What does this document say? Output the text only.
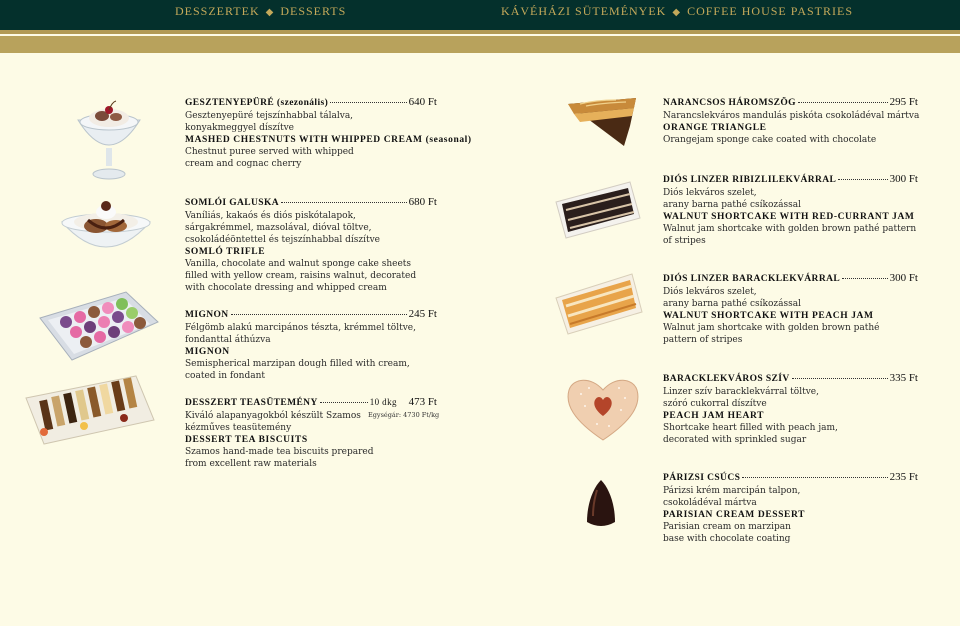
DESSZERTEK ◆ DESSERTS	KÁVÉHÁZI SÜTEMÉNYEK ◆ COFFEE HOUSE PASTRIES
GESZTENYEPÜRÉ (szezonális)	640 Ft
Gesztenyepüré tejszínhabbal tálalva,
konyakmeggyel díszítve
MASHED CHESTNUTS WITH WHIPPED CREAM (seasonal)
Chestnut puree served with whipped
cream and cognac cherry
SOMLÓI GALUSKA	680 Ft
Vaníliás, kakaós és diós piskótalapok,
sárgakrémmel, mazsolával, dióval töltve,
csokoládéöntettel és tejszínhabbal díszítve
SOMLÓ TRIFLE
Vanilla, chocolate and walnut sponge cake sheets
filled with yellow cream, raisins walnut, decorated
with chocolate dressing and whipped cream
MIGNON	245 Ft
Félgömb alakú marcipános tészta, krémmel töltve,
fondanttal áthúzva
MIGNON
Semispherical marzipan dough filled with cream,
coated in fondant
DESSZERT TEASÜTEMÉNY	10 dkg 473 Ft
Egységár: 4730 Ft/kg
Kiváló alapanyagokból készült Szamos
kézműves teasütemény
DESSERT TEA BISCUITS
Szamos hand-made tea biscuits prepared
from excellent raw materials
NARANCSOS HÁROMSZÖG	295 Ft
Narancslekváros mandulás piskóta csokoládéval mártva
ORANGE TRIANGLE
Orangejam sponge cake coated with chocolate
DIÓS LINZER RIBIZLILEKVÁRRAL	300 Ft
Diós lekváros szelet,
arany barna pathé csíkozással
WALNUT SHORTCAKE WITH RED-CURRANT JAM
Walnut jam shortcake with golden brown pathé pattern
of stripes
DIÓS LINZER BARACKLEKVÁRRAL	300 Ft
Diós lekváros szelet,
arany barna pathé csíkozással
WALNUT SHORTCAKE WITH PEACH JAM
Walnut jam shortcake with golden brown pathé
pattern of stripes
BARACKLEKVÁROS SZÍV	335 Ft
Linzer szív baracklekvárral töltve,
szóró cukorral díszítve
PEACH JAM HEART
Shortcake heart filled with peach jam,
decorated with sprinkled sugar
PÁRIZSI CSÚCS	235 Ft
Párizsi krém marcipán talpon,
csokoládéval mártva
PARISIAN CREAM DESSERT
Parisian cream on marzipan
base with chocolate coating
